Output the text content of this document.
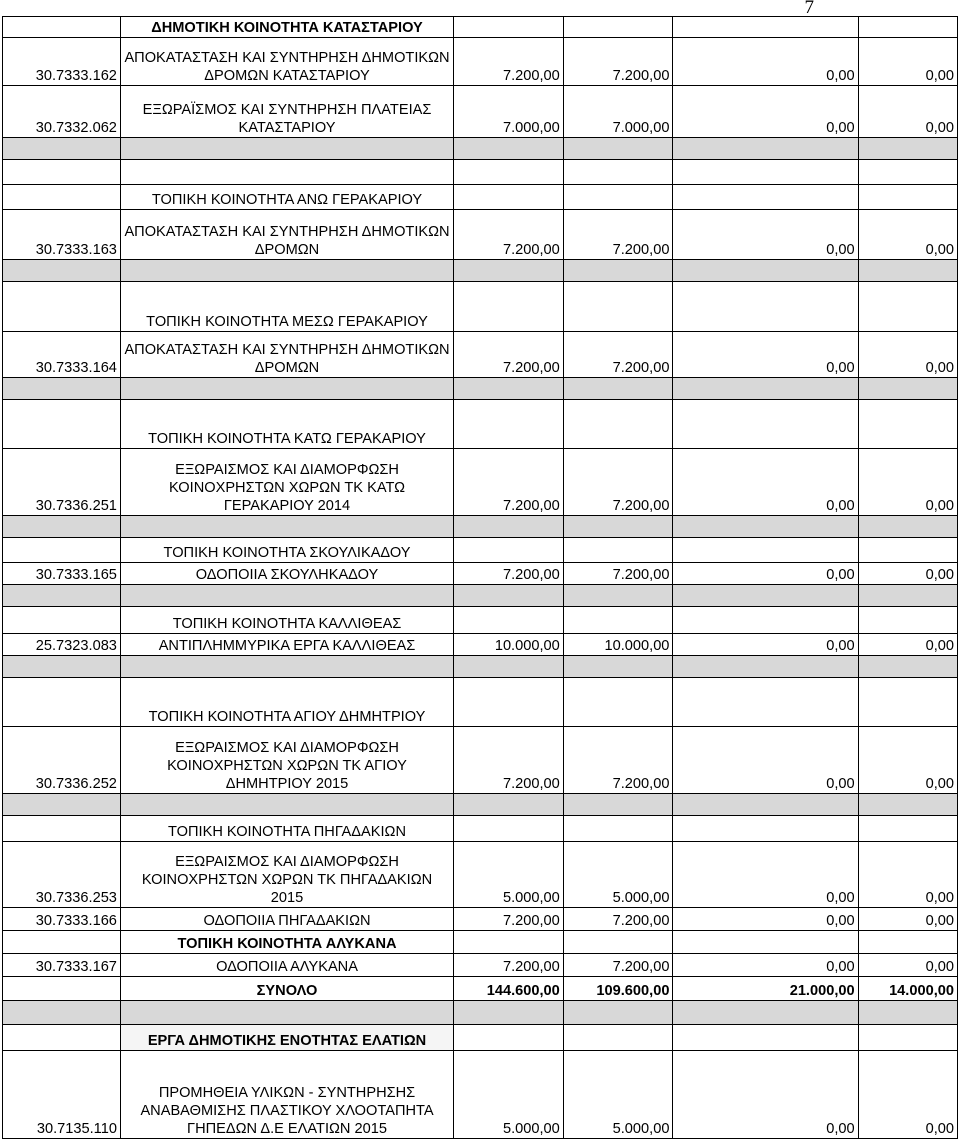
7
	ΔΗΜΟΤΙΚΗ ΚΟΙΝΟΤΗΤΑ ΚΑΤΑΣΤΑΡΙΟΥ				
30.7333.162	ΑΠΟΚΑΤΑΣΤΑΣΗ ΚΑΙ ΣΥΝΤΗΡΗΣΗ ΔΗΜΟΤΙΚΩΝ ΔΡΟΜΩΝ ΚΑΤΑΣΤΑΡΙΟΥ	7.200,00	7.200,00	0,00	0,00
30.7332.062	ΕΞΩΡΑΪΣΜΟΣ ΚΑΙ ΣΥΝΤΗΡΗΣΗ ΠΛΑΤΕΙΑΣ ΚΑΤΑΣΤΑΡΙΟΥ	7.000,00	7.000,00	0,00	0,00

	ΤΟΠΙΚΗ ΚΟΙΝΟΤΗΤΑ ΑΝΩ ΓΕΡΑΚΑΡΙΟΥ				
30.7333.163	ΑΠΟΚΑΤΑΣΤΑΣΗ ΚΑΙ ΣΥΝΤΗΡΗΣΗ ΔΗΜΟΤΙΚΩΝ ΔΡΟΜΩΝ	7.200,00	7.200,00	0,00	0,00

	ΤΟΠΙΚΗ ΚΟΙΝΟΤΗΤΑ ΜΕΣΩ ΓΕΡΑΚΑΡΙΟΥ				
30.7333.164	ΑΠΟΚΑΤΑΣΤΑΣΗ ΚΑΙ ΣΥΝΤΗΡΗΣΗ ΔΗΜΟΤΙΚΩΝ ΔΡΟΜΩΝ	7.200,00	7.200,00	0,00	0,00

	ΤΟΠΙΚΗ ΚΟΙΝΟΤΗΤΑ ΚΑΤΩ ΓΕΡΑΚΑΡΙΟΥ				
30.7336.251	ΕΞΩΡΑΙΣΜΟΣ ΚΑΙ ΔΙΑΜΟΡΦΩΣΗ ΚΟΙΝΟΧΡΗΣΤΩΝ ΧΩΡΩΝ ΤΚ ΚΑΤΩ ΓΕΡΑΚΑΡΙΟΥ 2014	7.200,00	7.200,00	0,00	0,00

	ΤΟΠΙΚΗ ΚΟΙΝΟΤΗΤΑ ΣΚΟΥΛΙΚΑΔΟΥ				
30.7333.165	ΟΔΟΠΟΙΙΑ ΣΚΟΥΛΗΚΑΔΟΥ	7.200,00	7.200,00	0,00	0,00

	ΤΟΠΙΚΗ ΚΟΙΝΟΤΗΤΑ ΚΑΛΛΙΘΕΑΣ				
25.7323.083	ΑΝΤΙΠΛΗΜΜΥΡΙΚΑ ΕΡΓΑ ΚΑΛΛΙΘΕΑΣ	10.000,00	10.000,00	0,00	0,00

	ΤΟΠΙΚΗ ΚΟΙΝΟΤΗΤΑ ΑΓΙΟΥ ΔΗΜΗΤΡΙΟΥ				
30.7336.252	ΕΞΩΡΑΙΣΜΟΣ ΚΑΙ ΔΙΑΜΟΡΦΩΣΗ ΚΟΙΝΟΧΡΗΣΤΩΝ ΧΩΡΩΝ ΤΚ ΑΓΙΟΥ ΔΗΜΗΤΡΙΟΥ 2015	7.200,00	7.200,00	0,00	0,00

	ΤΟΠΙΚΗ ΚΟΙΝΟΤΗΤΑ ΠΗΓΑΔΑΚΙΩΝ				
30.7336.253	ΕΞΩΡΑΙΣΜΟΣ ΚΑΙ ΔΙΑΜΟΡΦΩΣΗ ΚΟΙΝΟΧΡΗΣΤΩΝ ΧΩΡΩΝ ΤΚ ΠΗΓΑΔΑΚΙΩΝ 2015	5.000,00	5.000,00	0,00	0,00
30.7333.166	ΟΔΟΠΟΙΙΑ ΠΗΓΑΔΑΚΙΩΝ	7.200,00	7.200,00	0,00	0,00
	ΤΟΠΙΚΗ ΚΟΙΝΟΤΗΤΑ ΑΛΥΚΑΝΑ				
30.7333.167	ΟΔΟΠΟΙΙΑ ΑΛΥΚΑΝΑ	7.200,00	7.200,00	0,00	0,00
	ΣΥΝΟΛΟ	144.600,00	109.600,00	21.000,00	14.000,00

	ΕΡΓΑ ΔΗΜΟΤΙΚΗΣ ΕΝΟΤΗΤΑΣ ΕΛΑΤΙΩΝ				
30.7135.110	ΠΡΟΜΗΘΕΙΑ ΥΛΙΚΩΝ - ΣΥΝΤΗΡΗΣΗΣ ΑΝΑΒΑΘΜΙΣΗΣ ΠΛΑΣΤΙΚΟΥ ΧΛΟΟΤΑΠΗΤΑ ΓΗΠΕΔΩΝ Δ.Ε ΕΛΑΤΙΩΝ 2015	5.000,00	5.000,00	0,00	0,00
